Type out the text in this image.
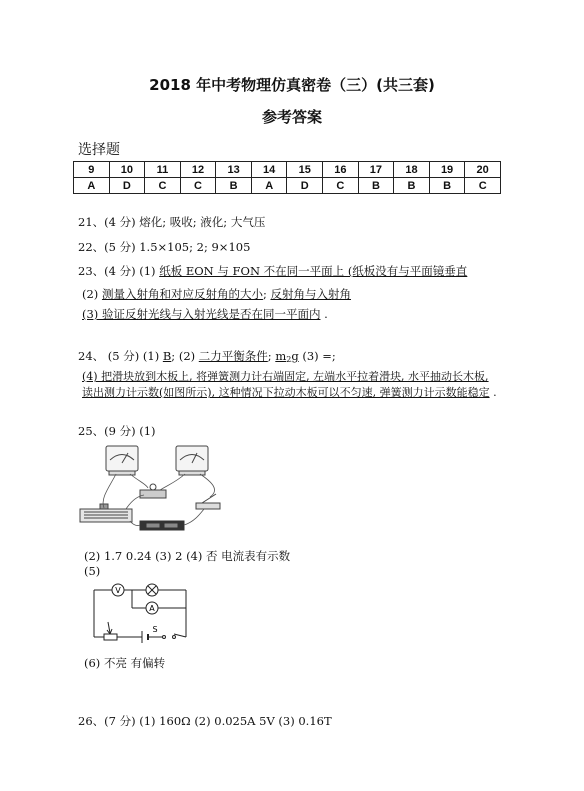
2018 年中考物理仿真密卷（三）(共三套)
参考答案
选择题
9	10	11	12	13	14	15	16	17	18	19	20
A	D	C	C	B	A	D	C	B	B	B	C
21、(4 分) 熔化; 吸收; 液化; 大气压
22、(5 分) 1.5×105; 2; 9×105
23、(4 分) (1) 纸板 EON 与 FON 不在同一平面上 (纸板没有与平面镜垂直
(2) 测量入射角和对应反射角的大小; 反射角与入射角
(3) 验证反射光线与入射光线是否在同一平面内 .
24、 (5 分) (1) B; (2) 二力平衡条件; $m_2g$ (3) =;
(4) 把滑块放到木板上, 将弹簧测力计右端固定, 左端水平拉着滑块, 水平抽动长木板,
读出测力计示数(如图所示), 这种情况下拉动木板可以不匀速, 弹簧测力计示数能稳定 .
25、(9 分) (1)
(2) 1.7 0.24 (3) 2 (4) 否 电流表有示数
(5)
V
A
S
(6) 不亮 有偏转
26、(7 分) (1) 160Ω (2) 0.025A 5V (3) 0.16T
